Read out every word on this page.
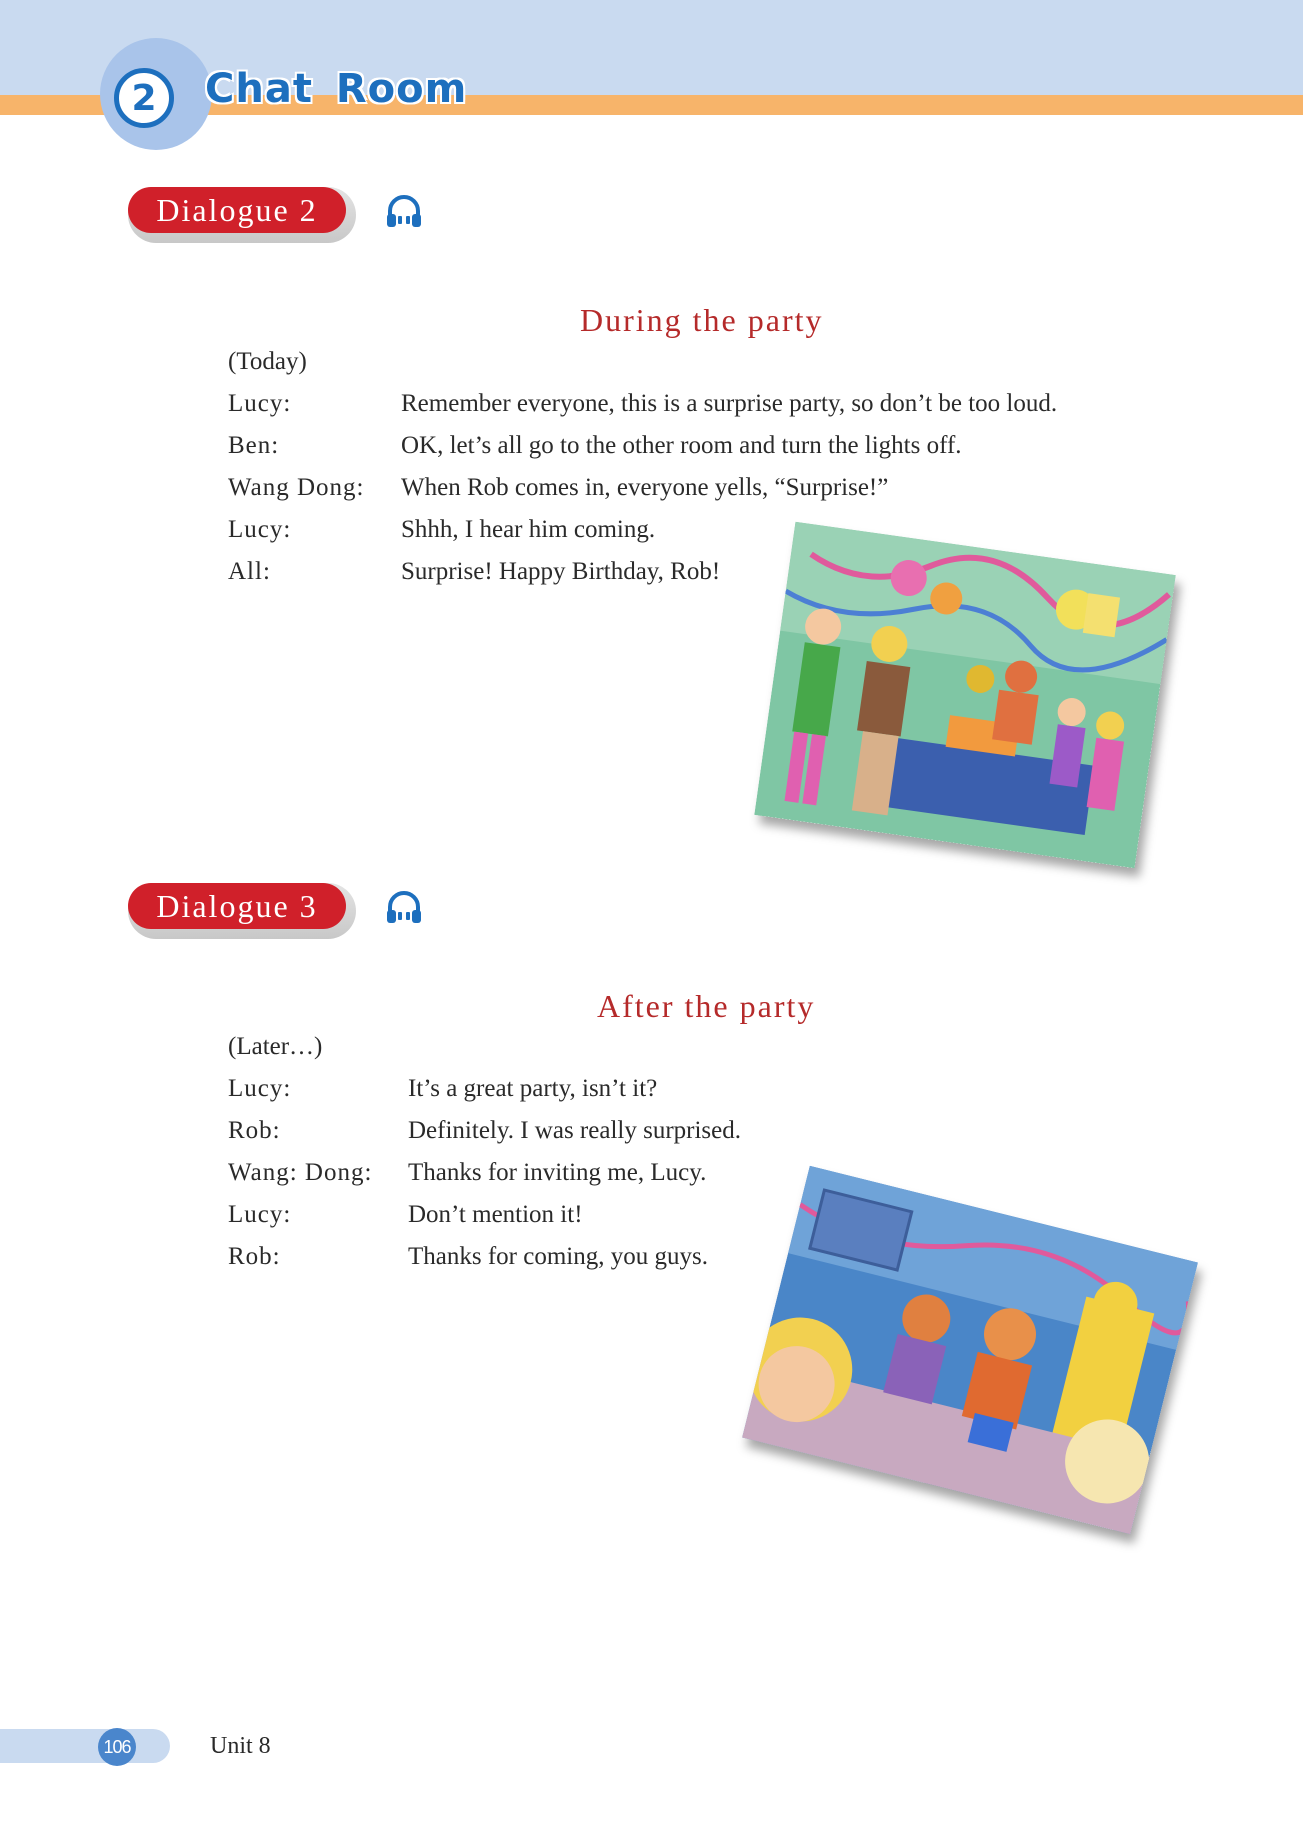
2	Chat Room
Dialogue 2
During the party
(Today)
Lucy:	Remember everyone, this is a surprise party, so don’t be too loud.
Ben:	OK, let’s all go to the other room and turn the lights off.
Wang Dong: When Rob comes in, everyone yells, “Surprise!”
Lucy:	Shhh, I hear him coming.
All:	Surprise! Happy Birthday, Rob!
Dialogue 3
After the party
(Later…)
Lucy:	It’s a great party, isn’t it?
Rob:	Definitely. I was really surprised.
Wang: Dong: Thanks for inviting me, Lucy.
Lucy:	Don’t mention it!
Rob:	Thanks for coming, you guys.
106	Unit 8
